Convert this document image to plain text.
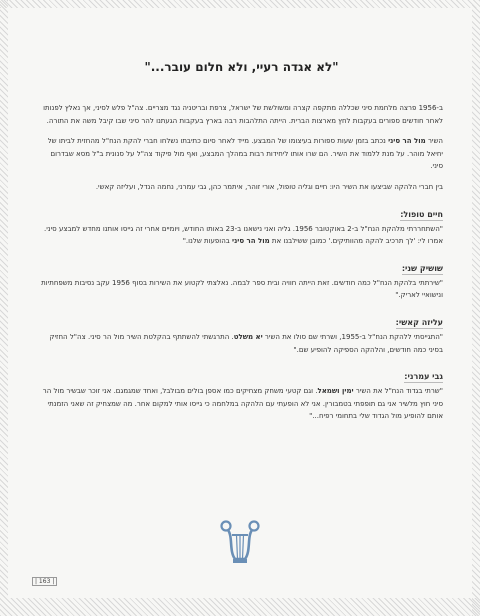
"לא אגדה רעיי, ולא חלום עובר..."

ב-1956 פרצה מלחמת סיני שכללה מתקפה קצרה ומשולשת של ישראל, צרפת ובריטניה נגד מצריים. צה"ל פלש לסיני, אך נאלץ לפנותו לאחר חודשים ספורים בעקבות לחץ מארצות הברית. הייתה התלהבות רבה בארץ בעקבות הגעתנו להר סיני שבו קיבל משה את התורה.

השיר מול הר סיני נכתב בזמן שעות ספורות בעיצומו של המבצע. מייד לאחר סיום כתיבתו נשלחו חברי להקת הנח"ל מהחזית לביתו של יחיאל מוהר. על מנת ללמוד את השיר. הם שרו אותו ליחידות רבות במהלך המבצע, ואף מול פיקוד צה"ל על סנונית ב"ל מסא שבדרום סיני.

בין חברי הלהקה שביצעו את השיר היו: חיים וגליה טופול, אורי זוהר, איתמר כהן, גבי עמרני, נחמה הנדל, ועליזה קאשי.

חיים טופול:

"השתחררתי מלהקת הנח"ל ב-2 באוקטובר 1956. גליה ואני נישאנו ב-23 באותו החודש, ויומיים אחרי זה גייסו אותנו מחדש למבצע סיני. אמרו לי: 'לך תרכיב להקה מהוותיקים.' כמובן ששילבנו את מול הר סיני בהופעות שלנו."

שושיק שני:

"שירתתי בלהקת הנח"ל כמה חודשים. זאת הייתה חוויה ובית ספר לבמה. נאלצתי לקטוע את השירות בסוף 1956 עקב נסיבות משפחתיות ונישואיי לאריק."

עליזה קאשי:

"התגייסתי ללהקת הנח"ל ב-1955, ושרתי שם סולו את השיר יא משלט. התרגשתי להשתתף בהקלטת השיר מול הר סיני. צה"ל החזיק בסיני כמה חודשים, והלהקה הספיקה להופיע שם."

גבי עמרני:

"שרתי בגדוד הנח"ל את השיר ימין ושמאל. וגם קטעי משחק מצחיקים כמו אספן בולים מבולבל, ואחד שמגמגם. אני זוכר שבשיר מול הר סיני חוץ מלשיר אני גם תופפתי בטמבורין. אני לא הופעתי עם הלהקה במלחמה כי גייסו אותי למקום אחר. מה שמצחיק זה שאני הזמנתי אותם להופיע מול הגדוד שלי בתחומי רפיח..."

| 163 |
